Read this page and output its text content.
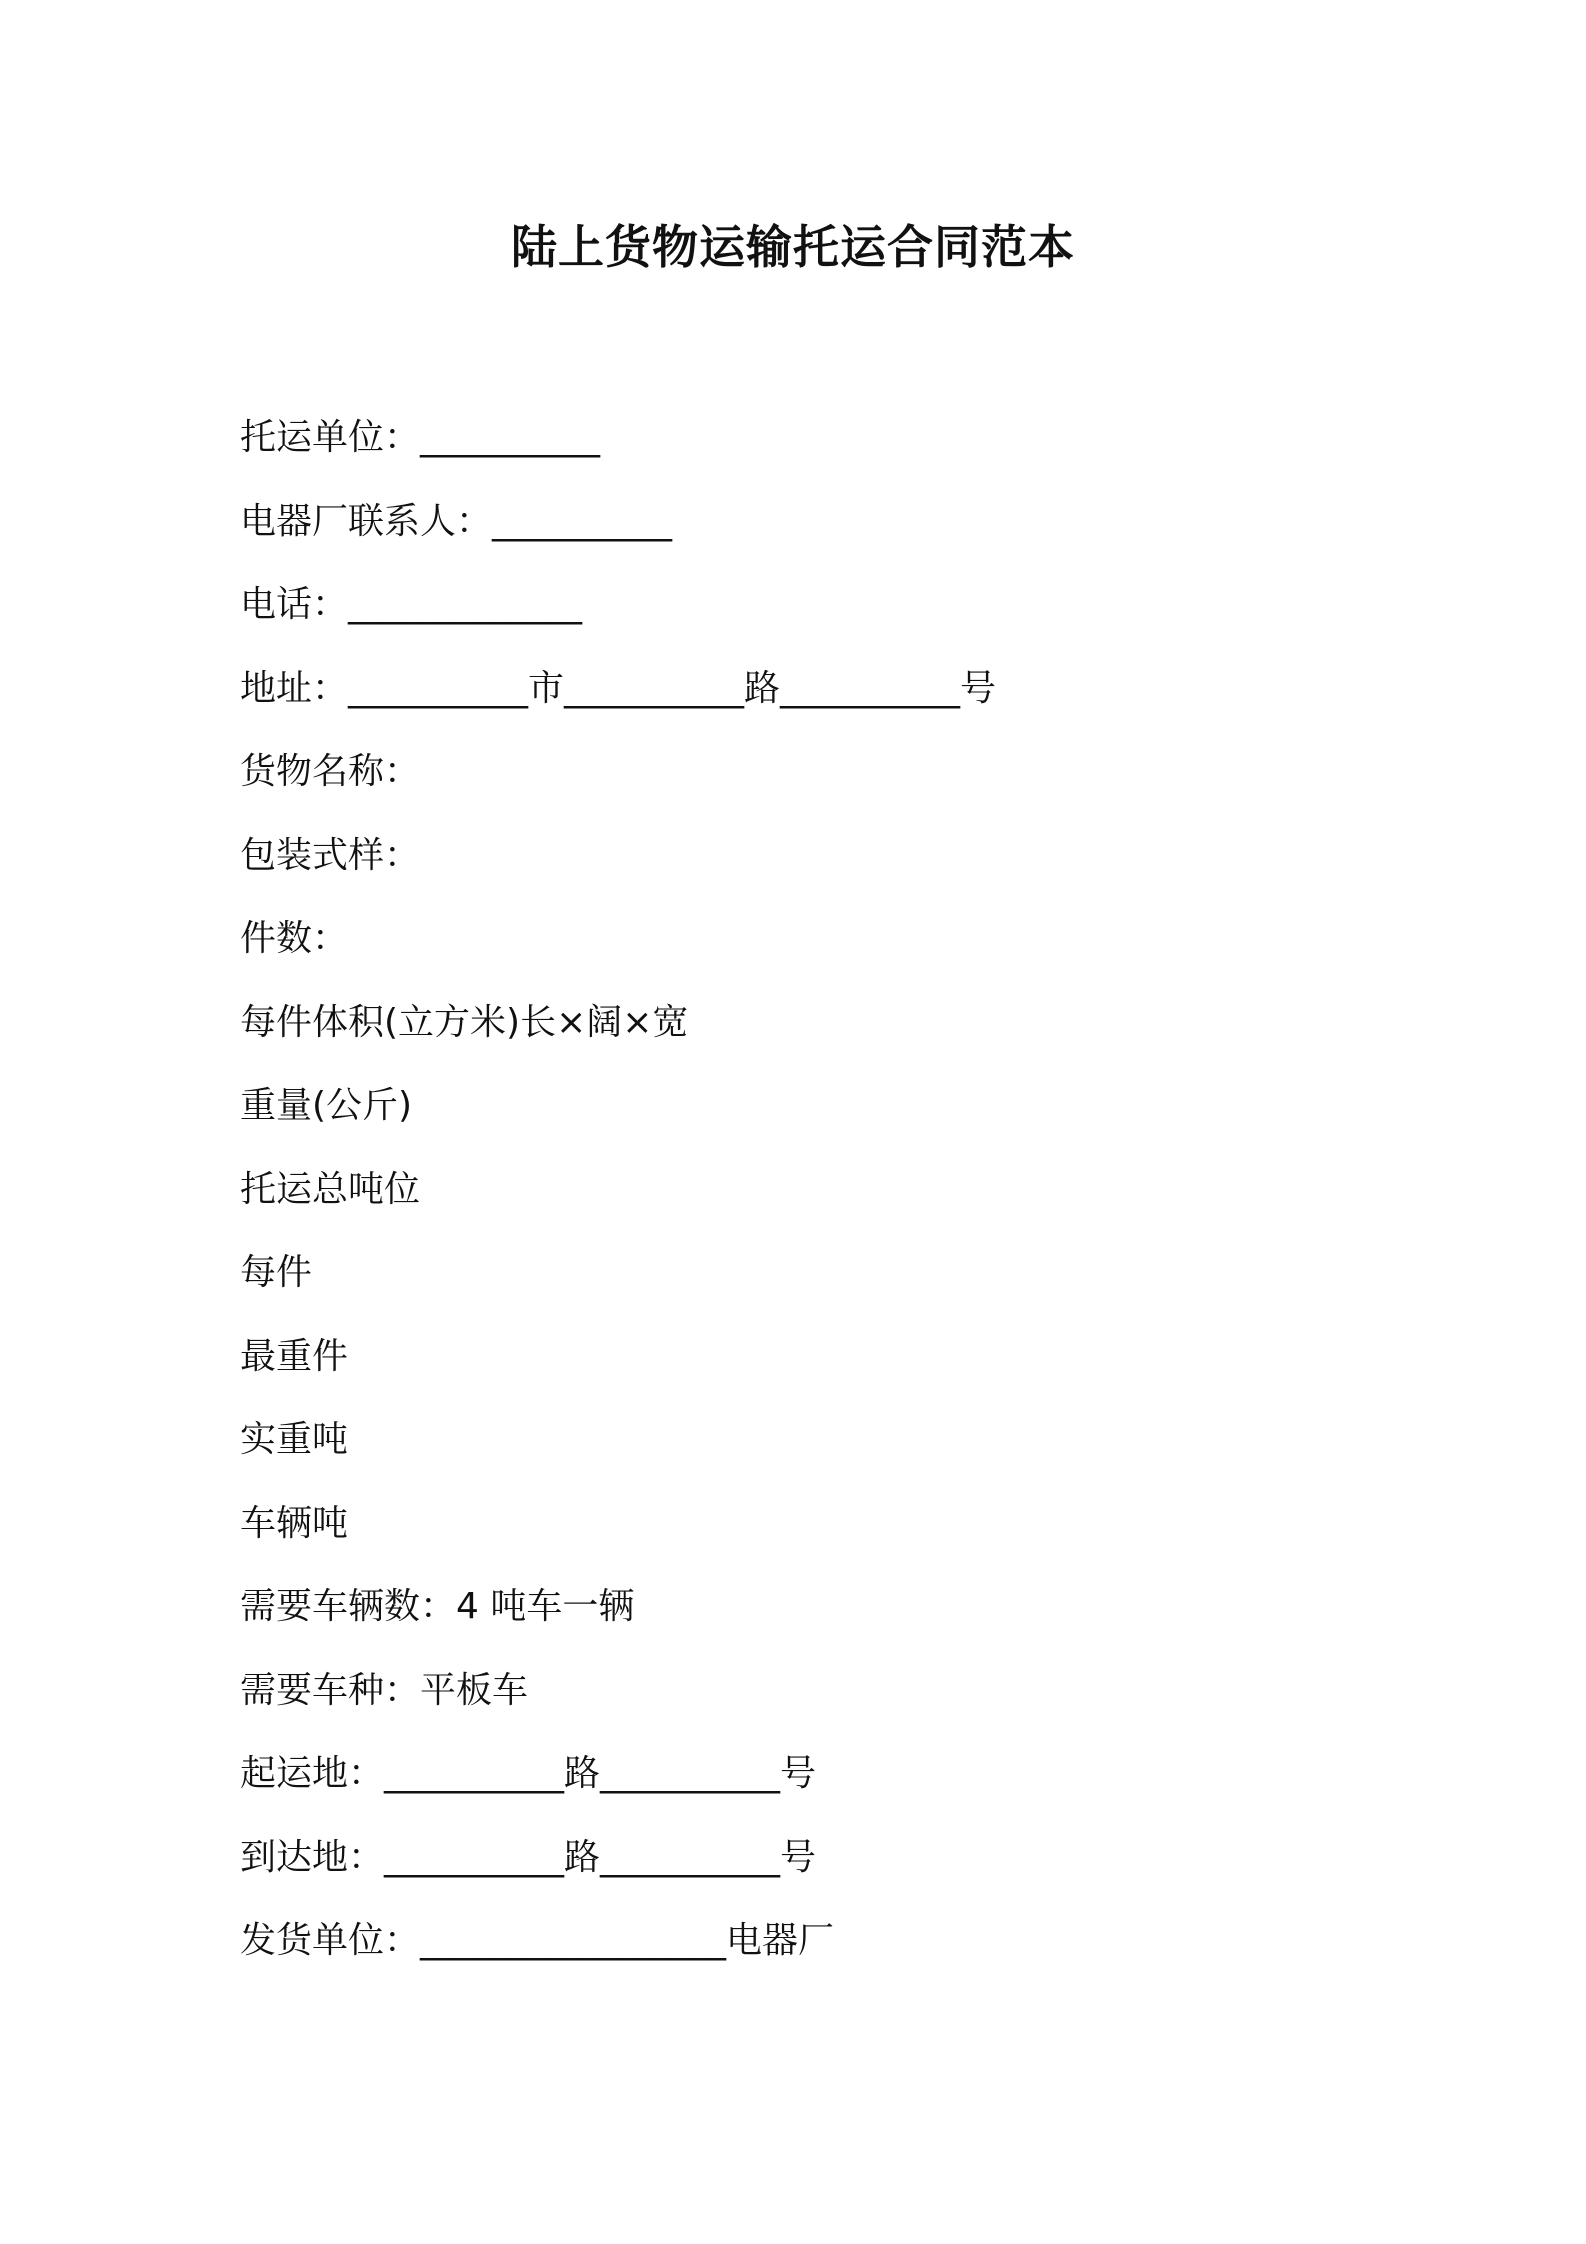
陆上货物运输托运合同范本
托运单位：__________
电器厂联系人：__________
电话：_____________
地址：__________市__________路__________号
货物名称：
包装式样：
件数：
每件体积(立方米)长×阔×宽
重量(公斤)
托运总吨位
每件
最重件
实重吨
车辆吨
需要车辆数：4 吨车一辆
需要车种：平板车
起运地：__________路__________号
到达地：__________路__________号
发货单位：_________________电器厂
